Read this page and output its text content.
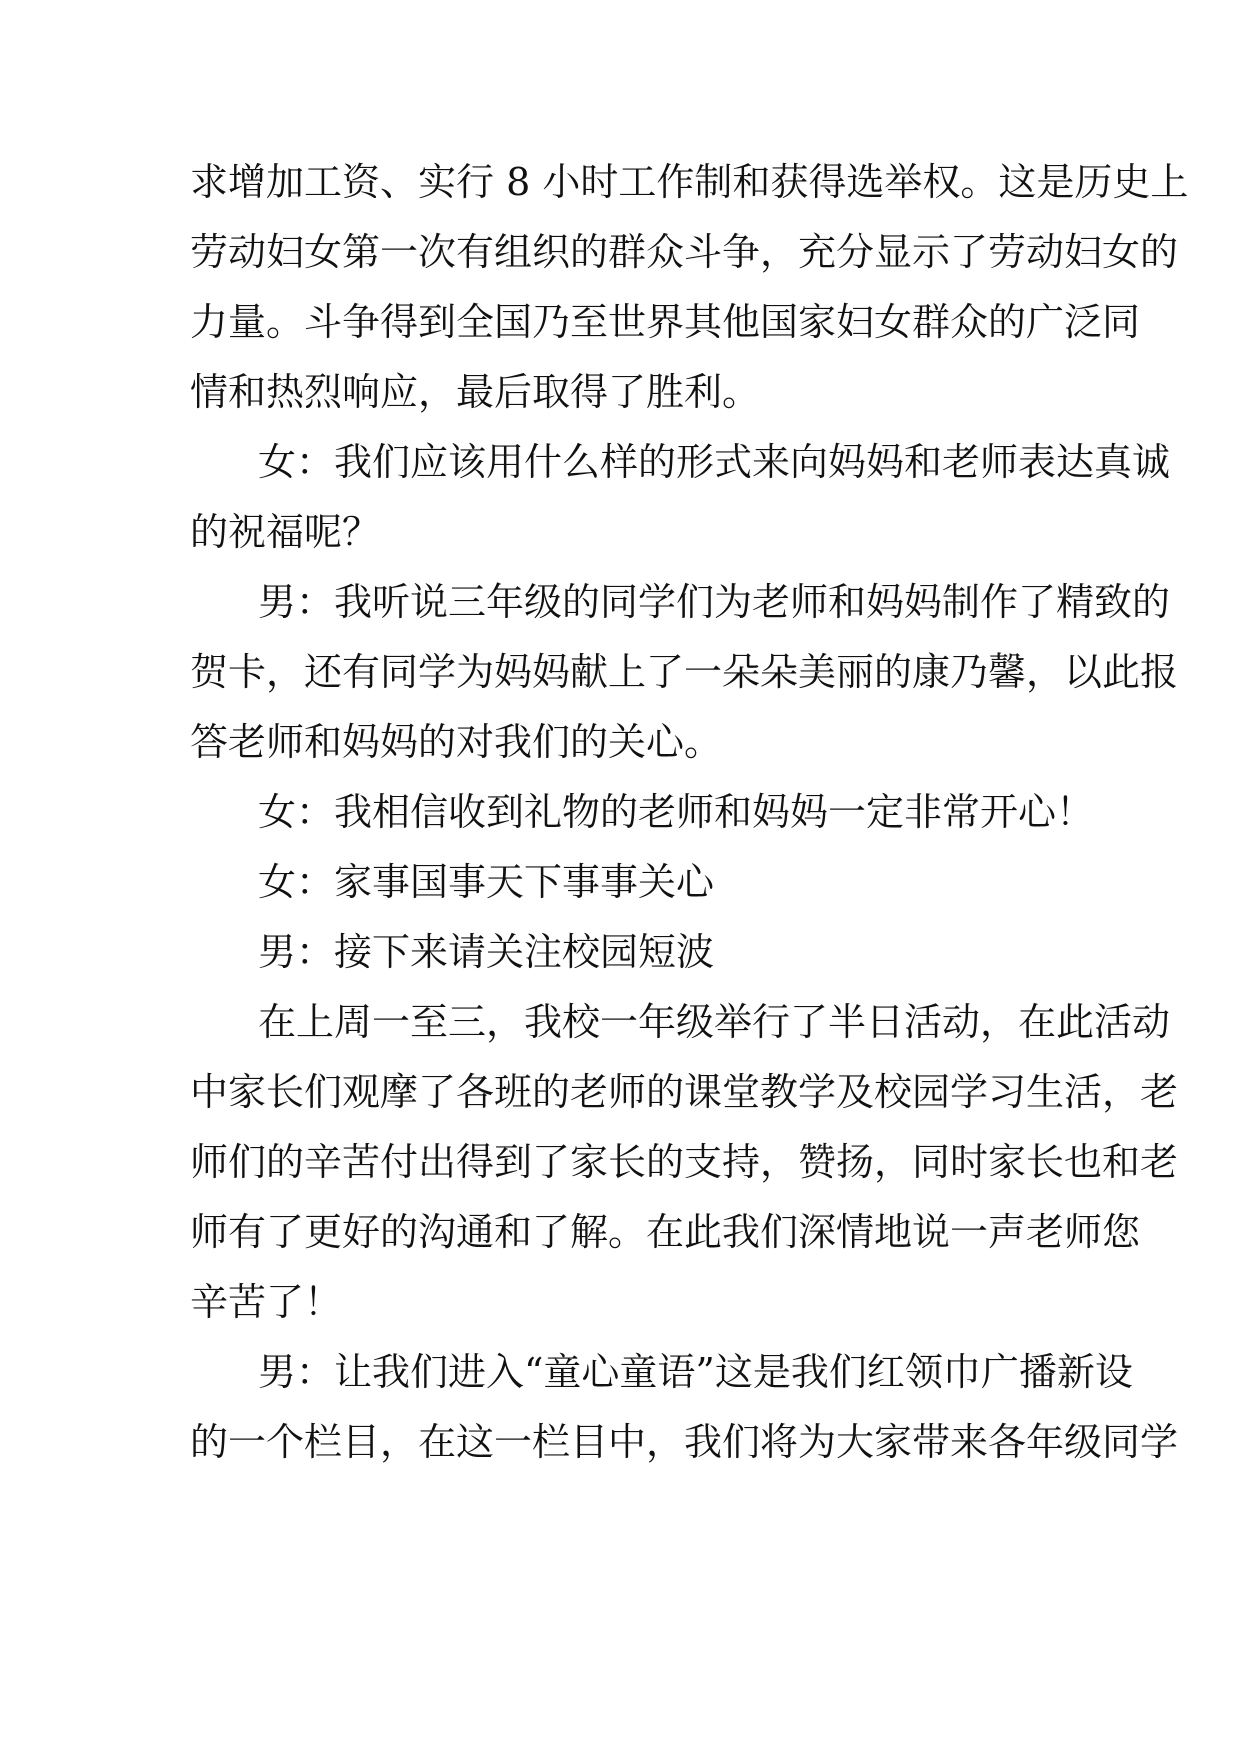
求增加工资、实行 8 小时工作制和获得选举权。这是历史上
劳动妇女第一次有组织的群众斗争，充分显示了劳动妇女的
力量。斗争得到全国乃至世界其他国家妇女群众的广泛同
情和热烈响应，最后取得了胜利。
女：我们应该用什么样的形式来向妈妈和老师表达真诚
的祝福呢？
男：我听说三年级的同学们为老师和妈妈制作了精致的
贺卡，还有同学为妈妈献上了一朵朵美丽的康乃馨，以此报
答老师和妈妈的对我们的关心。
女：我相信收到礼物的老师和妈妈一定非常开心！
女：家事国事天下事事关心
男：接下来请关注校园短波
在上周一至三，我校一年级举行了半日活动，在此活动
中家长们观摩了各班的老师的课堂教学及校园学习生活，老
师们的辛苦付出得到了家长的支持，赞扬，同时家长也和老
师有了更好的沟通和了解。在此我们深情地说一声老师您
辛苦了！
男：让我们进入“童心童语”这是我们红领巾广播新设
的一个栏目，在这一栏目中，我们将为大家带来各年级同学
